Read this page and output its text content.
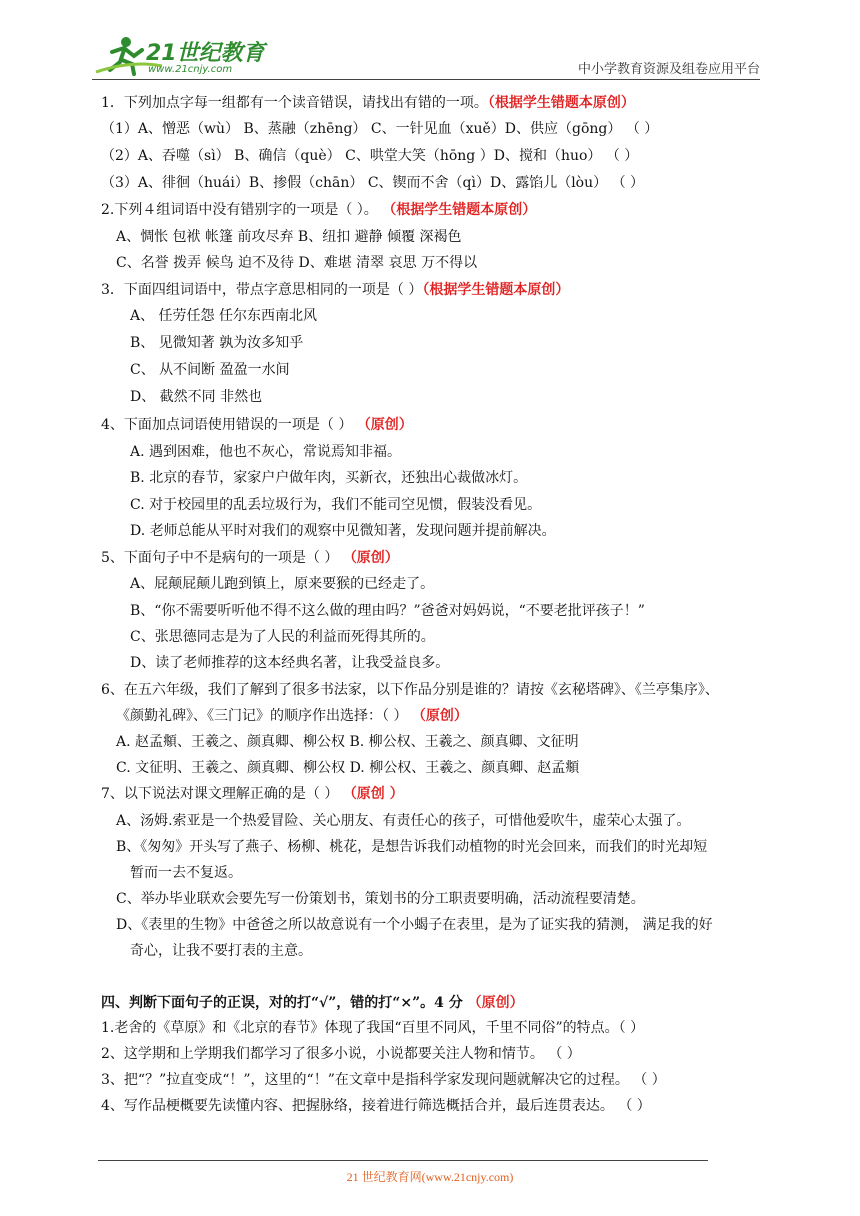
21世纪教育
www.21cnjy.com	中小学教育资源及组卷应用平台
1．下列加点字每一组都有一个读音错误，请找出有错的一项。（根据学生错题本原创）
（1）A、憎恶（wù） B、蒸融（zhēng） C、一针见血（xuě）D、供应（gōng） （ ）
（2）A、吞噬（sì） B、确信（què） C、哄堂大笑（hōng ）D、搅和（huo） （ ）
（3）A、徘徊（huái）B、掺假（chān） C、锲而不舍（qì）D、露馅儿（lòu） （ ）
2.下列４组词语中没有错别字的一项是（ ）。 （根据学生错题本原创）
A、惆怅 包袱 帐篷 前攻尽弃 B、纽扣 避静 倾覆 深褐色
C、名誉 拨弄 候鸟 迫不及待 D、难堪 清翠 哀思 万不得以
3．下面四组词语中，带点字意思相同的一项是（ ）（根据学生错题本原创）
A、 任劳任怨 任尔东西南北风
B、 见微知著 孰为汝多知乎
C、 从不间断 盈盈一水间
D、 截然不同 非然也
4、下面加点词语使用错误的一项是（ ） （原创）
A. 遇到困难，他也不灰心，常说焉知非福。
B. 北京的春节，家家户户做年肉，买新衣，还独出心裁做冰灯。
C. 对于校园里的乱丢垃圾行为，我们不能司空见惯，假装没看见。
D. 老师总能从平时对我们的观察中见微知著，发现问题并提前解决。
5、下面句子中不是病句的一项是（ ） （原创）
A、屁颠屁颠儿跑到镇上，原来要猴的已经走了。
B、“你不需要听听他不得不这么做的理由吗？”爸爸对妈妈说，“不要老批评孩子！”
C、张思德同志是为了人民的利益而死得其所的。
D、读了老师推荐的这本经典名著，让我受益良多。
6、在五六年级，我们了解到了很多书法家，以下作品分别是谁的？请按《玄秘塔碑》、《兰亭集序》、
《颜勤礼碑》、《三门记》的顺序作出选择：（ ） （原创）
A. 赵孟頫、王羲之、颜真卿、柳公权 B. 柳公权、王羲之、颜真卿、文征明
C. 文征明、王羲之、颜真卿、柳公权 D. 柳公权、王羲之、颜真卿、赵孟頫
7、以下说法对课文理解正确的是（ ） （原创 ）
A、汤姆.索亚是一个热爱冒险、关心朋友、有责任心的孩子，可惜他爱吹牛，虚荣心太强了。
B、《匆匆》开头写了燕子、杨柳、桃花，是想告诉我们动植物的时光会回来，而我们的时光却短
暂而一去不复返。
C、举办毕业联欢会要先写一份策划书，策划书的分工职责要明确，活动流程要清楚。
D、《表里的生物》中爸爸之所以故意说有一个小蝎子在表里，是为了证实我的猜测， 满足我的好
奇心，让我不要打表的主意。
四、判断下面句子的正误，对的打“√”，错的打“×”。4 分 （原创）
1.老舍的《草原》和《北京的春节》体现了我国“百里不同风，千里不同俗”的特点。（ ）
2、这学期和上学期我们都学习了很多小说，小说都要关注人物和情节。 （ ）
3、把“？”拉直变成“！”，这里的“！”在文章中是指科学家发现问题就解决它的过程。 （ ）
4、写作品梗概要先读懂内容、把握脉络，接着进行筛选概括合并，最后连贯表达。 （ ）
21 世纪教育网(www.21cnjy.com)
